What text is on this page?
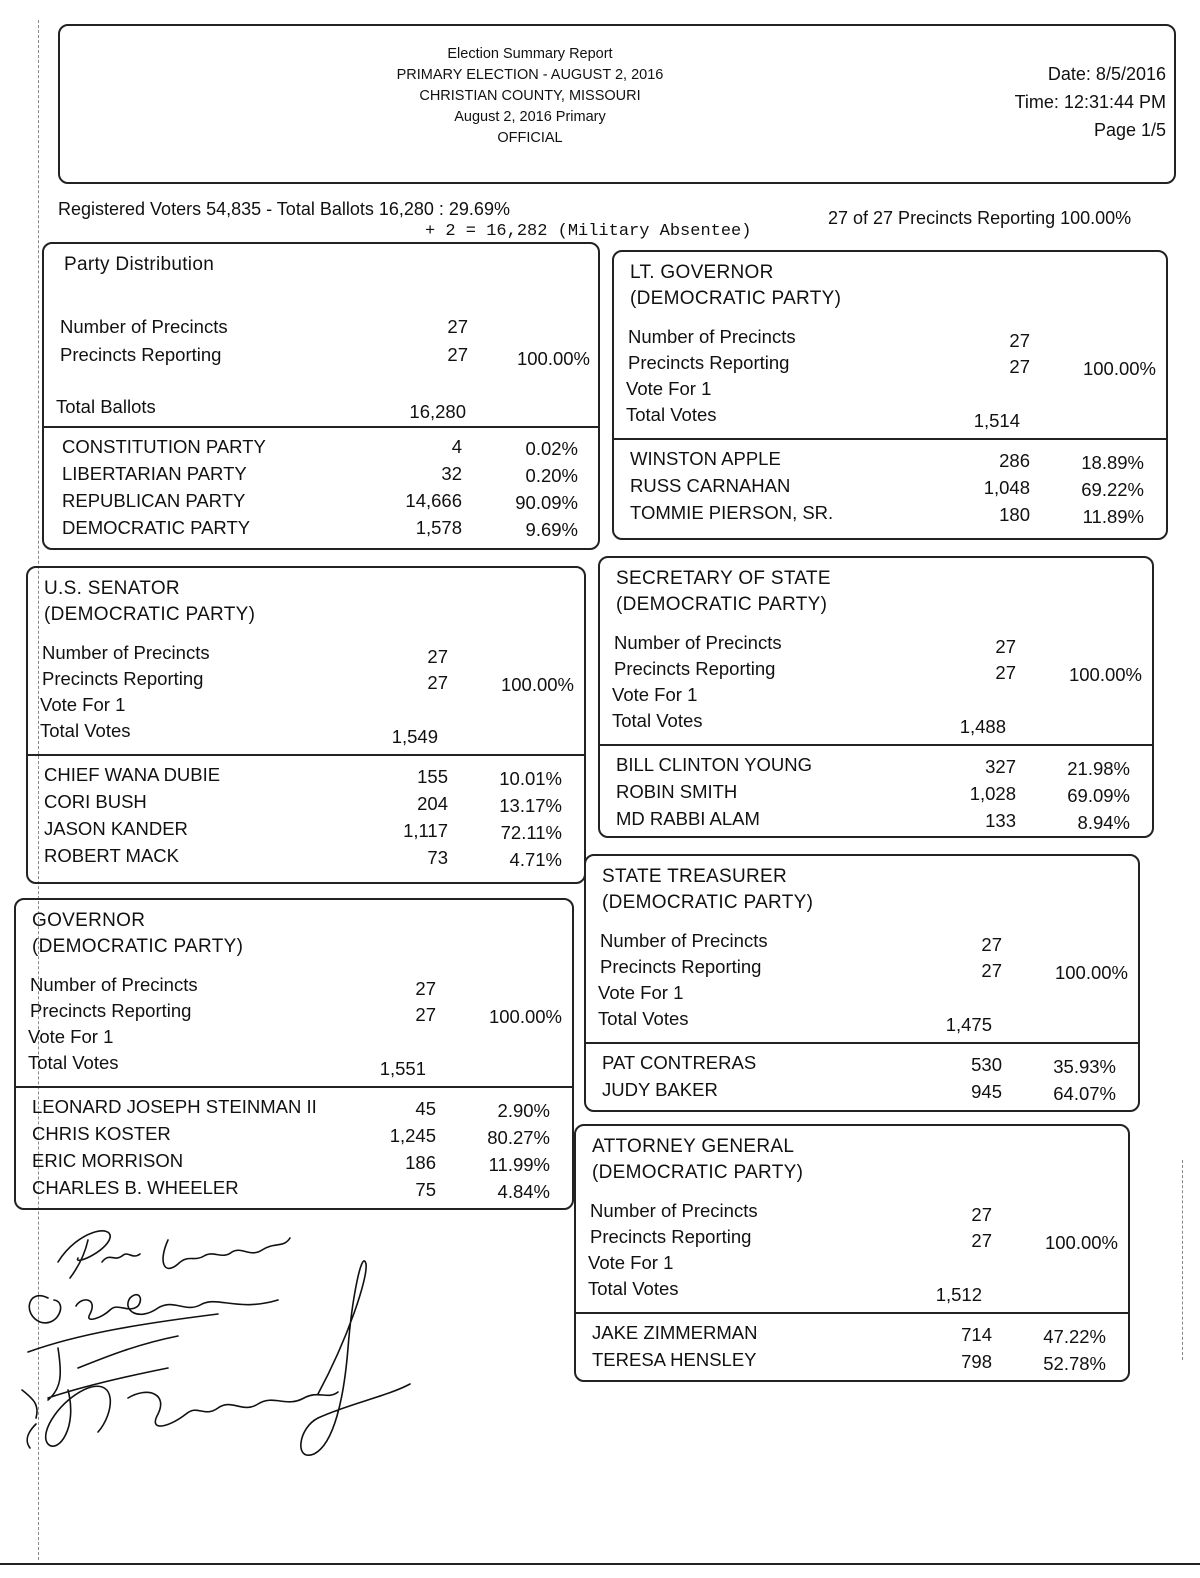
Election Summary Report
PRIMARY ELECTION - AUGUST 2, 2016
CHRISTIAN COUNTY, MISSOURI
August 2, 2016 Primary
OFFICIAL
Date: 8/5/2016
Time: 12:31:44 PM
Page 1/5
Registered Voters 54,835 - Total Ballots 16,280 : 29.69%
+ 2 = 16,282 (Military Absentee)
27 of 27 Precincts Reporting 100.00%
Party Distribution
Number of Precincts	27
Precincts Reporting	27	100.00%
Total Ballots	16,280
CONSTITUTION PARTY	4	0.02%
LIBERTARIAN PARTY	32	0.20%
REPUBLICAN PARTY	14,666	90.09%
DEMOCRATIC PARTY	1,578	9.69%
LT. GOVERNOR
(DEMOCRATIC PARTY)
Number of Precincts	27
Precincts Reporting	27	100.00%
Vote For 1
Total Votes	1,514
WINSTON APPLE	286	18.89%
RUSS CARNAHAN	1,048	69.22%
TOMMIE PIERSON, SR.	180	11.89%
U.S. SENATOR
(DEMOCRATIC PARTY)
Number of Precincts	27
Precincts Reporting	27	100.00%
Vote For 1
Total Votes	1,549
CHIEF WANA DUBIE	155	10.01%
CORI BUSH	204	13.17%
JASON KANDER	1,117	72.11%
ROBERT MACK	73	4.71%
SECRETARY OF STATE
(DEMOCRATIC PARTY)
Number of Precincts	27
Precincts Reporting	27	100.00%
Vote For 1
Total Votes	1,488
BILL CLINTON YOUNG	327	21.98%
ROBIN SMITH	1,028	69.09%
MD RABBI ALAM	133	8.94%
STATE TREASURER
(DEMOCRATIC PARTY)
Number of Precincts	27
Precincts Reporting	27	100.00%
Vote For 1
Total Votes	1,475
PAT CONTRERAS	530	35.93%
JUDY BAKER	945	64.07%
GOVERNOR
(DEMOCRATIC PARTY)
Number of Precincts	27
Precincts Reporting	27	100.00%
Vote For 1
Total Votes	1,551
LEONARD JOSEPH STEINMAN II	45	2.90%
CHRIS KOSTER	1,245	80.27%
ERIC MORRISON	186	11.99%
CHARLES B. WHEELER	75	4.84%
ATTORNEY GENERAL
(DEMOCRATIC PARTY)
Number of Precincts	27
Precincts Reporting	27	100.00%
Vote For 1
Total Votes	1,512
JAKE ZIMMERMAN	714	47.22%
TERESA HENSLEY	798	52.78%
